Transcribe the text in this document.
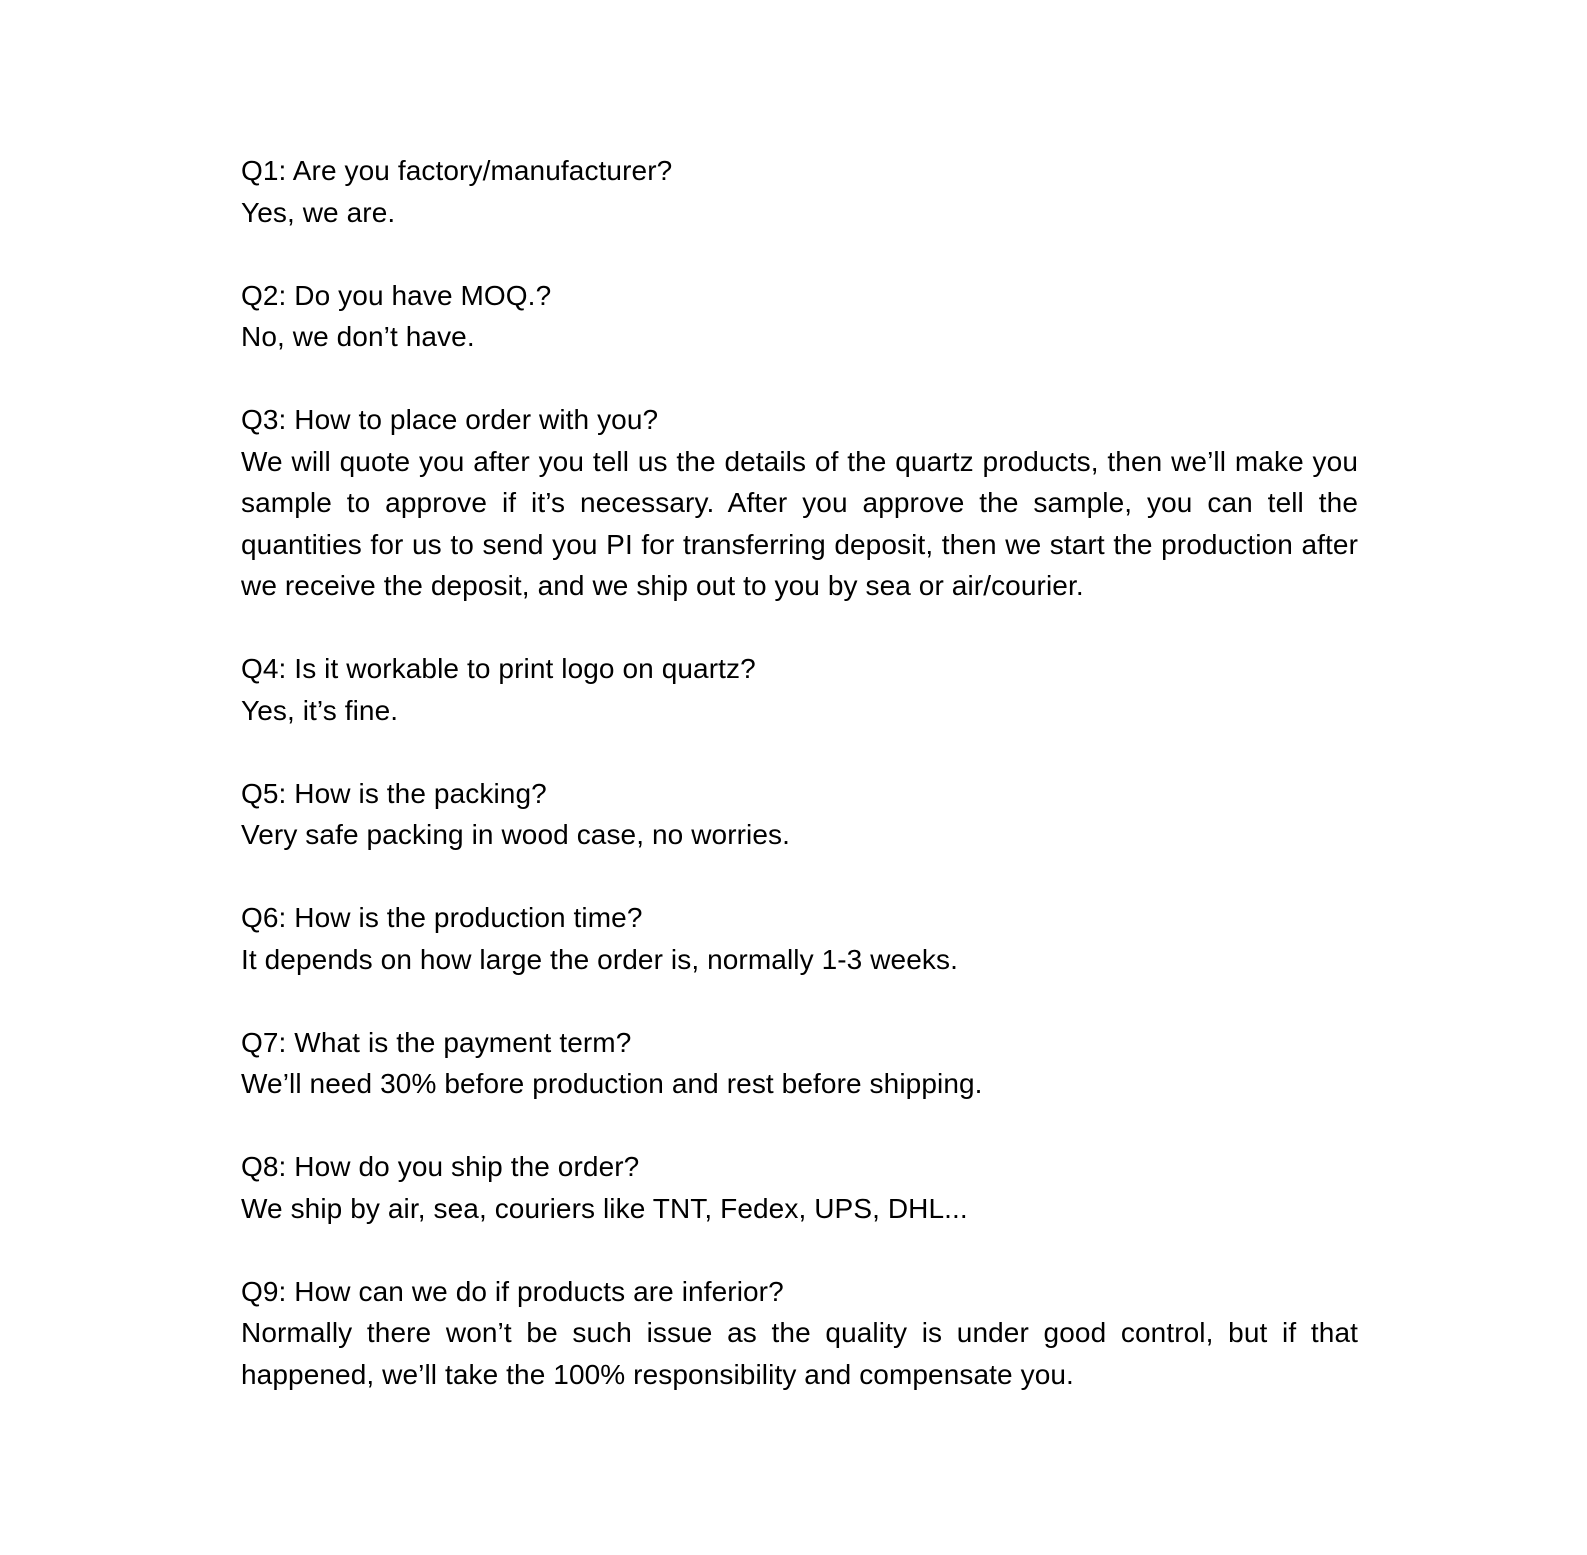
Q1: Are you factory/manufacturer?

Yes, we are.

Q2: Do you have MOQ.?

No, we don’t have.

Q3: How to place order with you?

We will quote you after you tell us the details of the quartz products, then we’ll make you sample to approve if it’s necessary. After you approve the sample, you can tell the quantities for us to send you PI for transferring deposit, then we start the production after we receive the deposit, and we ship out to you by sea or air/courier.

Q4: Is it workable to print logo on quartz?

Yes, it’s fine.

Q5: How is the packing?

Very safe packing in wood case, no worries.

Q6: How is the production time?

It depends on how large the order is, normally 1-3 weeks.

Q7: What is the payment term?

We’ll need 30% before production and rest before shipping.

Q8: How do you ship the order?

We ship by air, sea, couriers like TNT, Fedex, UPS, DHL...

Q9: How can we do if products are inferior?

Normally there won’t be such issue as the quality is under good control, but if that happened, we’ll take the 100% responsibility and compensate you.
